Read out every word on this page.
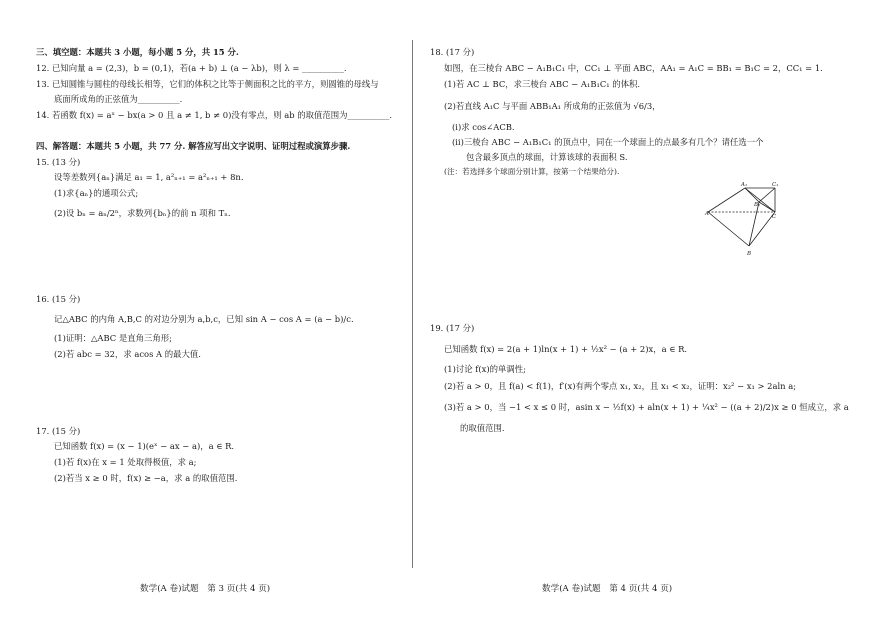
三、填空题：本题共 3 小题，每小题 5 分，共 15 分.
12. 已知向量 a = (2,3)，b = (0,1)，若(a + b) ⊥ (a − λb)，则 λ = __________.
13. 已知圆锥与圆柱的母线长相等，它们的体积之比等于侧面积之比的平方，则圆锥的母线与
底面所成角的正弦值为__________.
14. 若函数 f(x) = aˣ − bx(a > 0 且 a ≠ 1, b ≠ 0)没有零点，则 ab 的取值范围为__________.
四、解答题：本题共 5 小题，共 77 分. 解答应写出文字说明、证明过程或演算步骤.
15. (13 分)
设等差数列{aₙ}满足 a₁ = 1, a²ₙ₊₁ = a²ₙ₊₁ + 8n.
(1)求{aₙ}的通项公式;
(2)设 bₙ = aₙ/2ⁿ，求数列{bₙ}的前 n 项和 Tₙ.
16. (15 分)
记△ABC 的内角 A,B,C 的对边分别为 a,b,c，已知 sin A − cos A = (a − b)/c.
(1)证明：△ABC 是直角三角形;
(2)若 abc = 32，求 acos A 的最大值.
17. (15 分)
已知函数 f(x) = (x − 1)(eˣ − ax − a)，a ∈ R.
(1)若 f(x)在 x = 1 处取得极值，求 a;
(2)若当 x ≥ 0 时，f(x) ≥ −a，求 a 的取值范围.
数学(A 卷)试题　第 3 页(共 4 页)
18. (17 分)
如图，在三棱台 ABC − A₁B₁C₁ 中，CC₁ ⊥ 平面 ABC，AA₁ = A₁C = BB₁ = B₁C = 2，CC₁ = 1.
(1)若 AC ⊥ BC，求三棱台 ABC − A₁B₁C₁ 的体积.
(2)若直线 A₁C 与平面 ABB₁A₁ 所成角的正弦值为 √6/3，
(ⅰ)求 cos∠ACB.
(ⅱ)三棱台 ABC − A₁B₁C₁ 的顶点中，同在一个球面上的点最多有几个？请任选一个
包含最多顶点的球面，计算该球的表面积 S.
(注：若选择多个球面分别计算，按第一个结果给分).
19. (17 分)
已知函数 f(x) = 2(a + 1)ln(x + 1) + ½x² − (a + 2)x，a ∈ R.
(1)讨论 f(x)的单调性;
(2)若 a > 0，且 f(a) < f(1)，f′(x)有两个零点 x₁, x₂，且 x₁ < x₂，证明：x₂² − x₁ > 2aln a;
(3)若 a > 0，当 −1 < x ≤ 0 时，asin x − ½f(x) + aln(x + 1) + ¼x² − ((a + 2)/2)x ≥ 0 恒成立，求 a
的取值范围.
数学(A 卷)试题　第 4 页(共 4 页)
A₁	C₁
B₁
A	C
B
